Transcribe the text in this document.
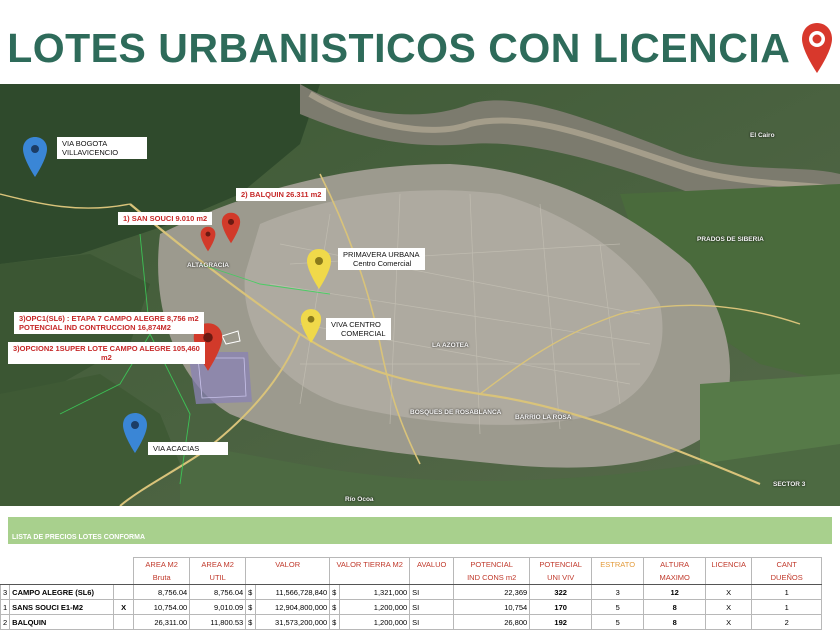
LOTES URBANISTICOS CON LICENCIA
LA AZOTEA
BOSQUES DE ROSABLANCA
BARRIO LA ROSA
El Cairo
PRADOS DE SIBERIA
SECTOR 3
ALTAGRACIA
Río Ocoa
VIA BOGOTA VILLAVICENCIO
2) BALQUIN 26.311 m2
1) SAN SOUCI 9.010 m2
PRIMAVERA URBANA
Centro Comercial
3)OPC1(SL6) : ETAPA 7 CAMPO ALEGRE 8,756 m2
POTENCIAL IND CONTRUCCION 16,874M2	VIVA CENTRO
COMERCIAL
3)OPCION2 1SUPER LOTE CAMPO ALEGRE 105,460
m2
VIA ACACIAS
LISTA DE PRECIOS LOTES CONFORMA
			AREA M2	AREA M2	VALOR		VALOR TIERRA M2		AVALUO	POTENCIAL	POTENCIAL	ESTRATO	ALTURA	LICENCIA	CANT
			Bruta	UTIL						IND CONS m2	UNI VIV		MAXIMO		DUEÑOS
3	CAMPO ALEGRE (SL6)		8,756.04	8,756.04	$	11,566,728,840	$	1,321,000	SI	22,369	322	3	12	X	1
1	SANS SOUCI E1-M2	X	10,754.00	9,010.09	$	12,904,800,000	$	1,200,000	SI	10,754	170	5	8	X	1
2	BALQUIN		26,311.00	11,800.53	$	31,573,200,000	$	1,200,000	SI	26,800	192	5	8	X	2
